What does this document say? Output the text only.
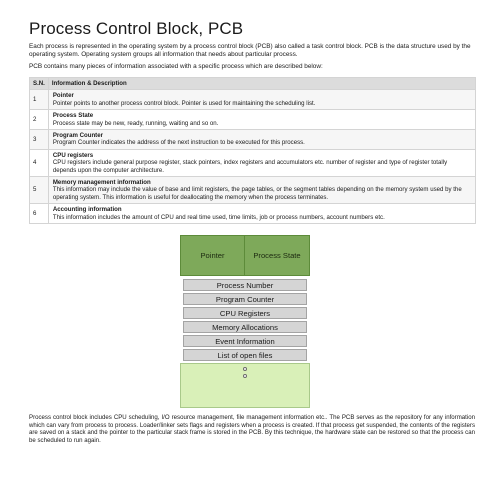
Process Control Block, PCB

Each process is represented in the operating system by a process control block (PCB) also called a task control block. PCB is the data structure used by the operating system. Operating system groups all information that needs about particular process.

PCB contains many pieces of information associated with a specific process which are described below:

S.N.	Information & Description
1	Pointer
Pointer points to another process control block. Pointer is used for maintaining the scheduling list.

2	Process State
Process state may be new, ready, running, waiting and so on.

3	Program Counter
Program Counter indicates the address of the next instruction to be executed for this process.

4	CPU registers
CPU registers include general purpose register, stack pointers, index registers and accumulators etc. number of register and type of register totally depends upon the computer architecture.

5	Memory management information
This information may include the value of base and limit registers, the page tables, or the segment tables depending on the memory system used by the operating system. This information is useful for deallocating the memory when the process terminates.

6	Accounting information
This information includes the amount of CPU and real time used, time limits, job or process numbers, account numbers etc.
Pointer	Process State
Process Number
Program Counter
CPU Registers
Memory Allocations
Event Information
List of open files

Process control block includes CPU scheduling, I/O resource management, file management information etc.. The PCB serves as the repository for any information which can vary from process to process. Loader/linker sets flags and registers when a process is created. If that process get suspended, the contents of the registers are saved on a stack and the pointer to the particular stack frame is stored in the PCB. By this technique, the hardware state can be restored so that the process can be scheduled to run again.
